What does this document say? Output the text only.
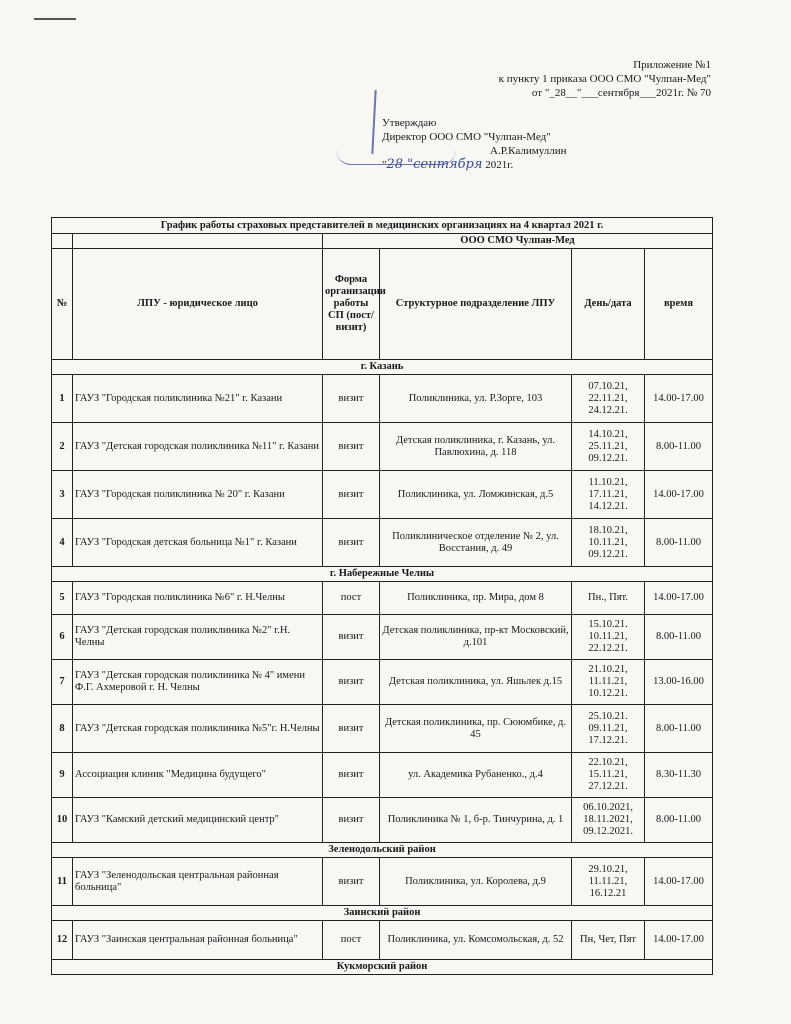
Приложение №1
к пункту 1 приказа ООО СМО "Чулпан-Мед"
от "_28__"___сентября___2021г. № 70
Утверждаю
Директор ООО СМО "Чулпан-Мед"
А.Р.Калимуллин
"28 "сентября 2021г.
График работы страховых представителей в медицинских организациях на 4 квартал 2021 г.					
		ООО СМО Чулпан-Мед			
№	ЛПУ - юридическое лицо	Форма организации работы СП (пост/визит)	Структурное подразделение ЛПУ	День/дата	время
г. Казань					
1	ГАУЗ "Городская поликлиника №21" г. Казани	визит	Поликлиника, ул. Р.Зорге, 103	07.10.21, 22.11.21, 24.12.21.	14.00-17.00
2	ГАУЗ "Детская городская поликлиника №11" г. Казани	визит	Детская поликлиника, г. Казань, ул. Павлюхина, д. 118	14.10.21, 25.11.21, 09.12.21.	8.00-11.00
3	ГАУЗ "Городская поликлиника № 20" г. Казани	визит	Поликлиника, ул. Ломжинская, д.5	11.10.21, 17.11.21, 14.12.21.	14.00-17.00
4	ГАУЗ "Городская детская больница №1" г. Казани	визит	Поликлиническое отделение № 2, ул. Восстания, д. 49	18.10.21, 10.11.21, 09.12.21.	8.00-11.00
г. Набережные Челны					
5	ГАУЗ "Городская поликлиника №6" г. Н.Челны	пост	Поликлиника, пр. Мира, дом 8	Пн., Пят.	14.00-17.00
6	ГАУЗ "Детская городская поликлиника №2" г.Н. Челны	визит	Детская поликлиника, пр-кт Московский, д.101	15.10.21. 10.11.21, 22.12.21.	8.00-11.00
7	ГАУЗ "Детская городская поликлиника № 4" имени Ф.Г. Ахмеровой г. Н. Челны	визит	Детская поликлиника, ул. Яшьлек д.15	21.10.21, 11.11.21, 10.12.21.	13.00-16.00
8	ГАУЗ "Детская городская поликлиника №5"г. Н.Челны	визит	Детская поликлиника, пр. Сююмбике, д. 45	25.10.21. 09.11.21, 17.12.21.	8.00-11.00
9	Ассоциация клиник "Медицина будущего"	визит	ул. Академика Рубаненко., д.4	22.10.21, 15.11.21, 27.12.21.	8.30-11.30
10	ГАУЗ "Камский детский медицинский центр"	визит	Поликлиника № 1, б-р. Тинчурина, д. 1	06.10.2021, 18.11.2021, 09.12.2021.	8.00-11.00
Зеленодольский район					
11	ГАУЗ "Зеленодольская центральная районная больница"	визит	Поликлиника, ул. Королева, д.9	29.10.21, 11.11.21, 16.12.21	14.00-17.00
Заинский район					
12	ГАУЗ "Заинская центральная районная больница"	пост	Поликлиника, ул. Комсомольская, д. 52	Пн, Чет, Пят	14.00-17.00
Кукморский район					
